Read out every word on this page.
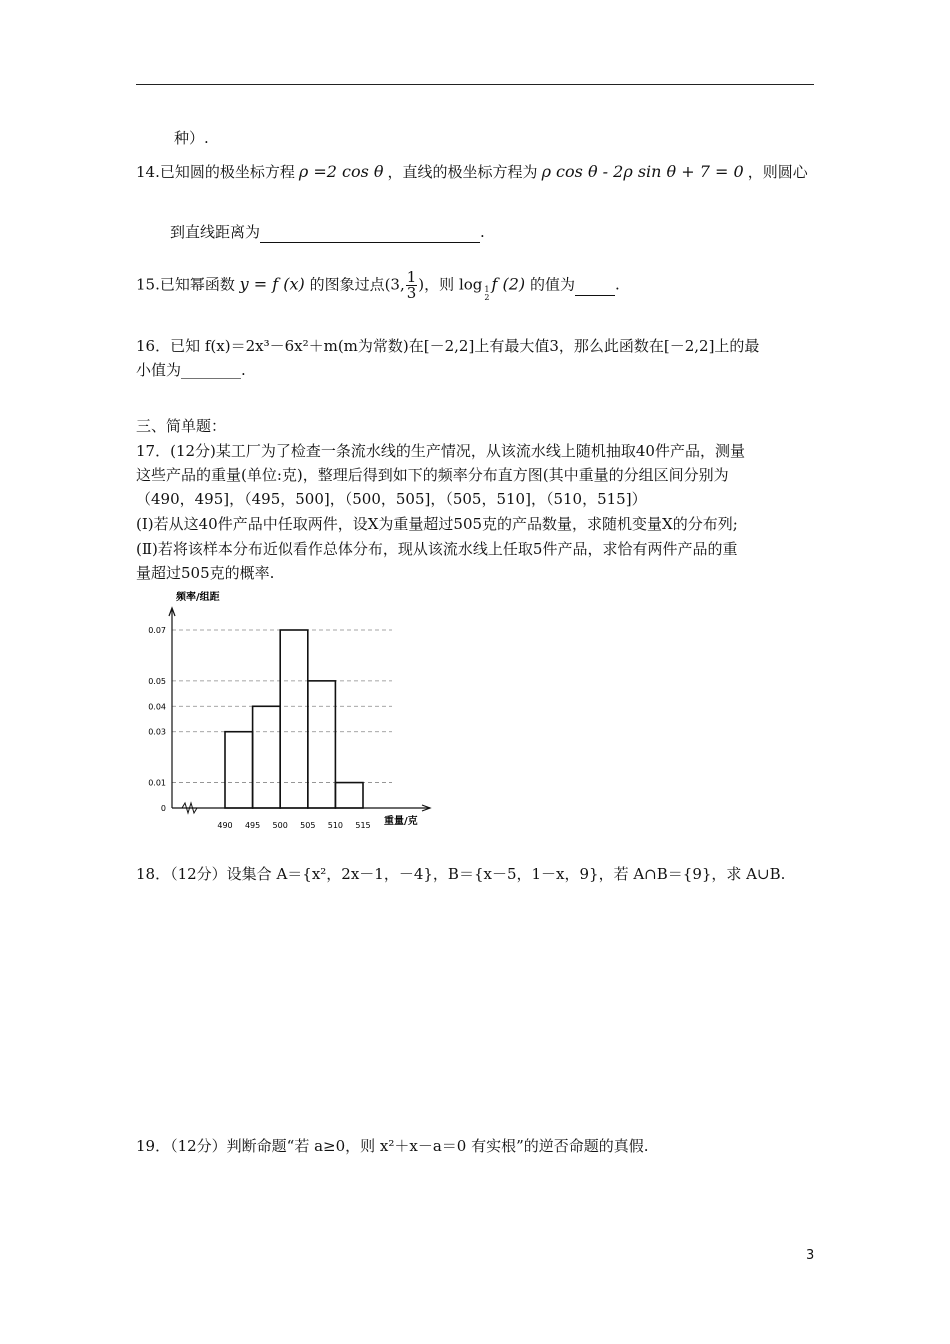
种）.
14.已知圆的极坐标方程 ρ =2 cos θ ，直线的极坐标方程为 ρ cos θ - 2ρ sin θ + 7 = 0 ，则圆心
到直线距离为	.
15.已知幂函数 y = f (x) 的图象过点(3, $\frac{1}{3}$ )，则 log 1
2
f (2) 的值为	.
16．已知 f(x)＝2x³－6x²＋m(m为常数)在[－2,2]上有最大值3，那么此函数在[－2,2]上的最
小值为________.
三、简单题：
17．(12分)某工厂为了检查一条流水线的生产情况，从该流水线上随机抽取40件产品，测量
这些产品的重量(单位:克)，整理后得到如下的频率分布直方图(其中重量的分组区间分别为
（490，495]，（495，500]，（500，505]，（505，510]，（510，515]）
(Ⅰ)若从这40件产品中任取两件，设X为重量超过505克的产品数量，求随机变量X的分布列;
(Ⅱ)若将该样本分布近似看作总体分布，现从该流水线上任取5件产品，求恰有两件产品的重
量超过505克的概率.
频率/组距
重量/克
0
0.01
0.03
0.04
0.05
0.07
490 495 500 505 510 515
18．（12分）设集合 A＝{x²，2x－1，－4}，B＝{x－5，1－x，9}，若 A∩B＝{9}，求 A∪B.
19．（12分）判断命题“若 a≥0，则 x²＋x－a＝0 有实根”的逆否命题的真假.
3
